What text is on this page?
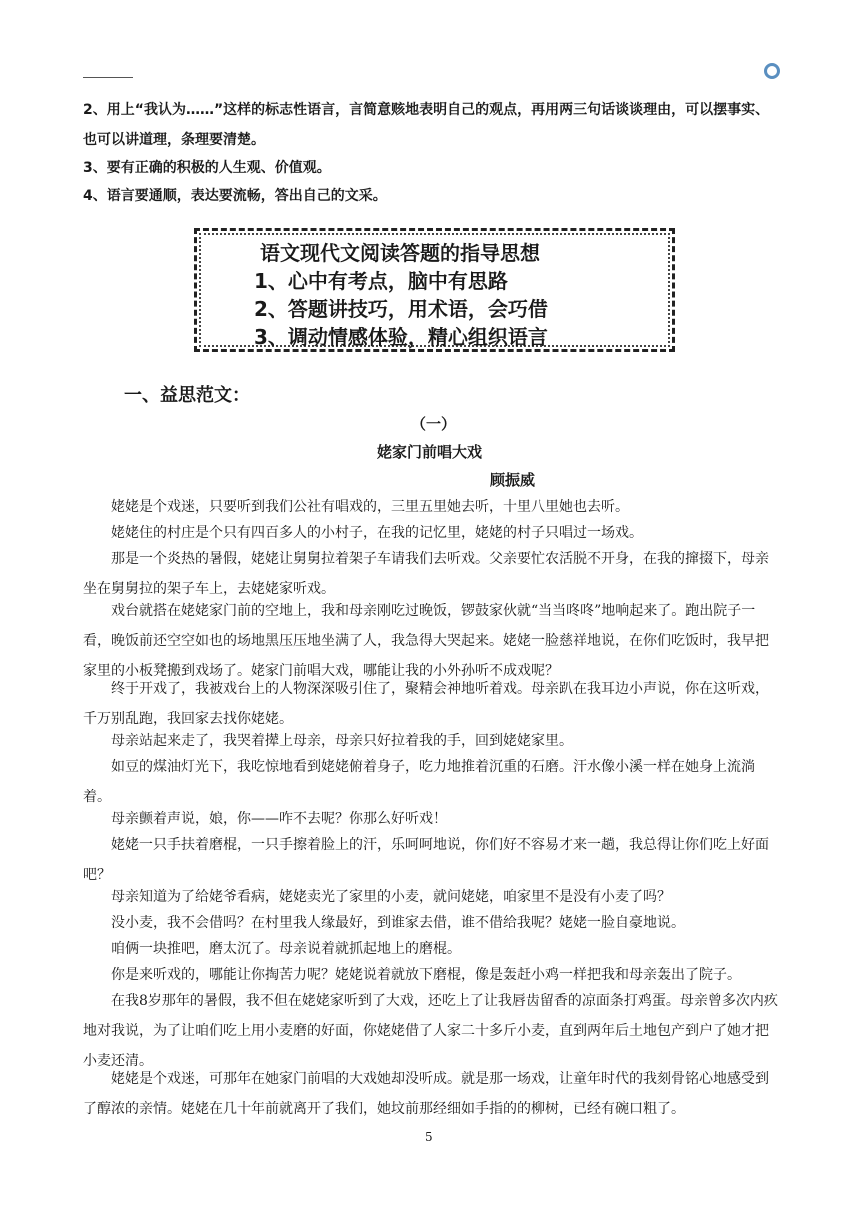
2、用上“我认为……”这样的标志性语言，言简意赅地表明自己的观点，再用两三句话谈谈理由，可以摆事实、也可以讲道理，条理要清楚。

3、要有正确的积极的人生观、价值观。

4、语言要通顺，表达要流畅，答出自己的文采。

语文现代文阅读答题的指导思想
1、心中有考点，脑中有思路
2、答题讲技巧，用术语，会巧借
3、调动情感体验，精心组织语言
一、益思范文：
（一）
姥家门前唱大戏
顾振威

姥姥是个戏迷，只要听到我们公社有唱戏的，三里五里她去听，十里八里她也去听。

姥姥住的村庄是个只有四百多人的小村子，在我的记忆里，姥姥的村子只唱过一场戏。

那是一个炎热的暑假，姥姥让舅舅拉着架子车请我们去听戏。父亲要忙农活脱不开身，在我的撺掇下，母亲坐在舅舅拉的架子车上，去姥姥家听戏。

戏台就搭在姥姥家门前的空地上，我和母亲刚吃过晚饭，锣鼓家伙就“当当咚咚”地响起来了。跑出院子一看，晚饭前还空空如也的场地黑压压地坐满了人，我急得大哭起来。姥姥一脸慈祥地说，在你们吃饭时，我早把家里的小板凳搬到戏场了。姥家门前唱大戏，哪能让我的小外孙听不成戏呢？

终于开戏了，我被戏台上的人物深深吸引住了，聚精会神地听着戏。母亲趴在我耳边小声说，你在这听戏，千万别乱跑，我回家去找你姥姥。

母亲站起来走了，我哭着撵上母亲，母亲只好拉着我的手，回到姥姥家里。

如豆的煤油灯光下，我吃惊地看到姥姥俯着身子，吃力地推着沉重的石磨。汗水像小溪一样在她身上流淌着。

母亲颤着声说，娘，你——咋不去呢？你那么好听戏！

姥姥一只手扶着磨棍，一只手擦着脸上的汗，乐呵呵地说，你们好不容易才来一趟，我总得让你们吃上好面吧？

母亲知道为了给姥爷看病，姥姥卖光了家里的小麦，就问姥姥，咱家里不是没有小麦了吗？

没小麦，我不会借吗？在村里我人缘最好，到谁家去借，谁不借给我呢？姥姥一脸自豪地说。

咱俩一块推吧，磨太沉了。母亲说着就抓起地上的磨棍。

你是来听戏的，哪能让你掏苦力呢？姥姥说着就放下磨棍，像是轰赶小鸡一样把我和母亲轰出了院子。

在我8岁那年的暑假，我不但在姥姥家听到了大戏，还吃上了让我唇齿留香的凉面条打鸡蛋。母亲曾多次内疚地对我说，为了让咱们吃上用小麦磨的好面，你姥姥借了人家二十多斤小麦，直到两年后土地包产到户了她才把小麦还清。

姥姥是个戏迷，可那年在她家门前唱的大戏她却没听成。就是那一场戏，让童年时代的我刻骨铭心地感受到了醇浓的亲情。姥姥在几十年前就离开了我们，她坟前那经细如手指的的柳树，已经有碗口粗了。

5
